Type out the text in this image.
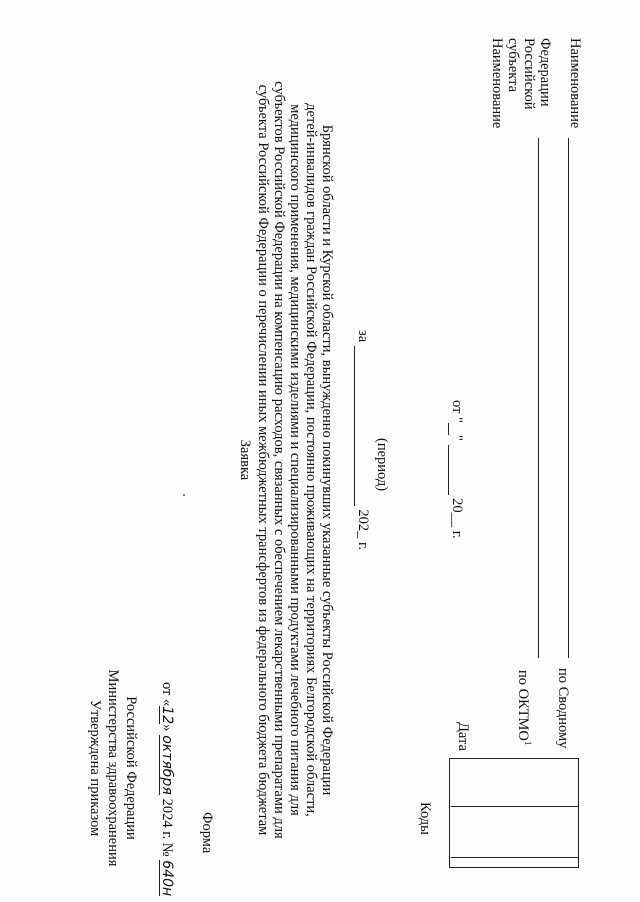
Утверждена приказом Министерства здравоохранения Российской Федерации
от «12» октября 2024 г. № 640н
Форма
Заявка субъекта Российской Федерации о перечислении иных межбюджетных трансфертов из федерального бюджета бюджетам субъектов Российской Федерации на компенсацию расходов, связанных с обеспечением лекарственными препаратами для медицинского применения, медицинскими изделиями и специализированными продуктами лечебного питания для детей-инвалидов граждан Российской Федерации, постоянно проживающих на территориях Белгородской области, Брянской области и Курской области, вынужденно покинувших указанные субъекты Российской Федерации за   202_ г.
(период)
от " "   20__ г.
Коды
Дата	по ОКТМО$^1$ по Сводному
Наименование субъекта Российской Федерации Наименование
